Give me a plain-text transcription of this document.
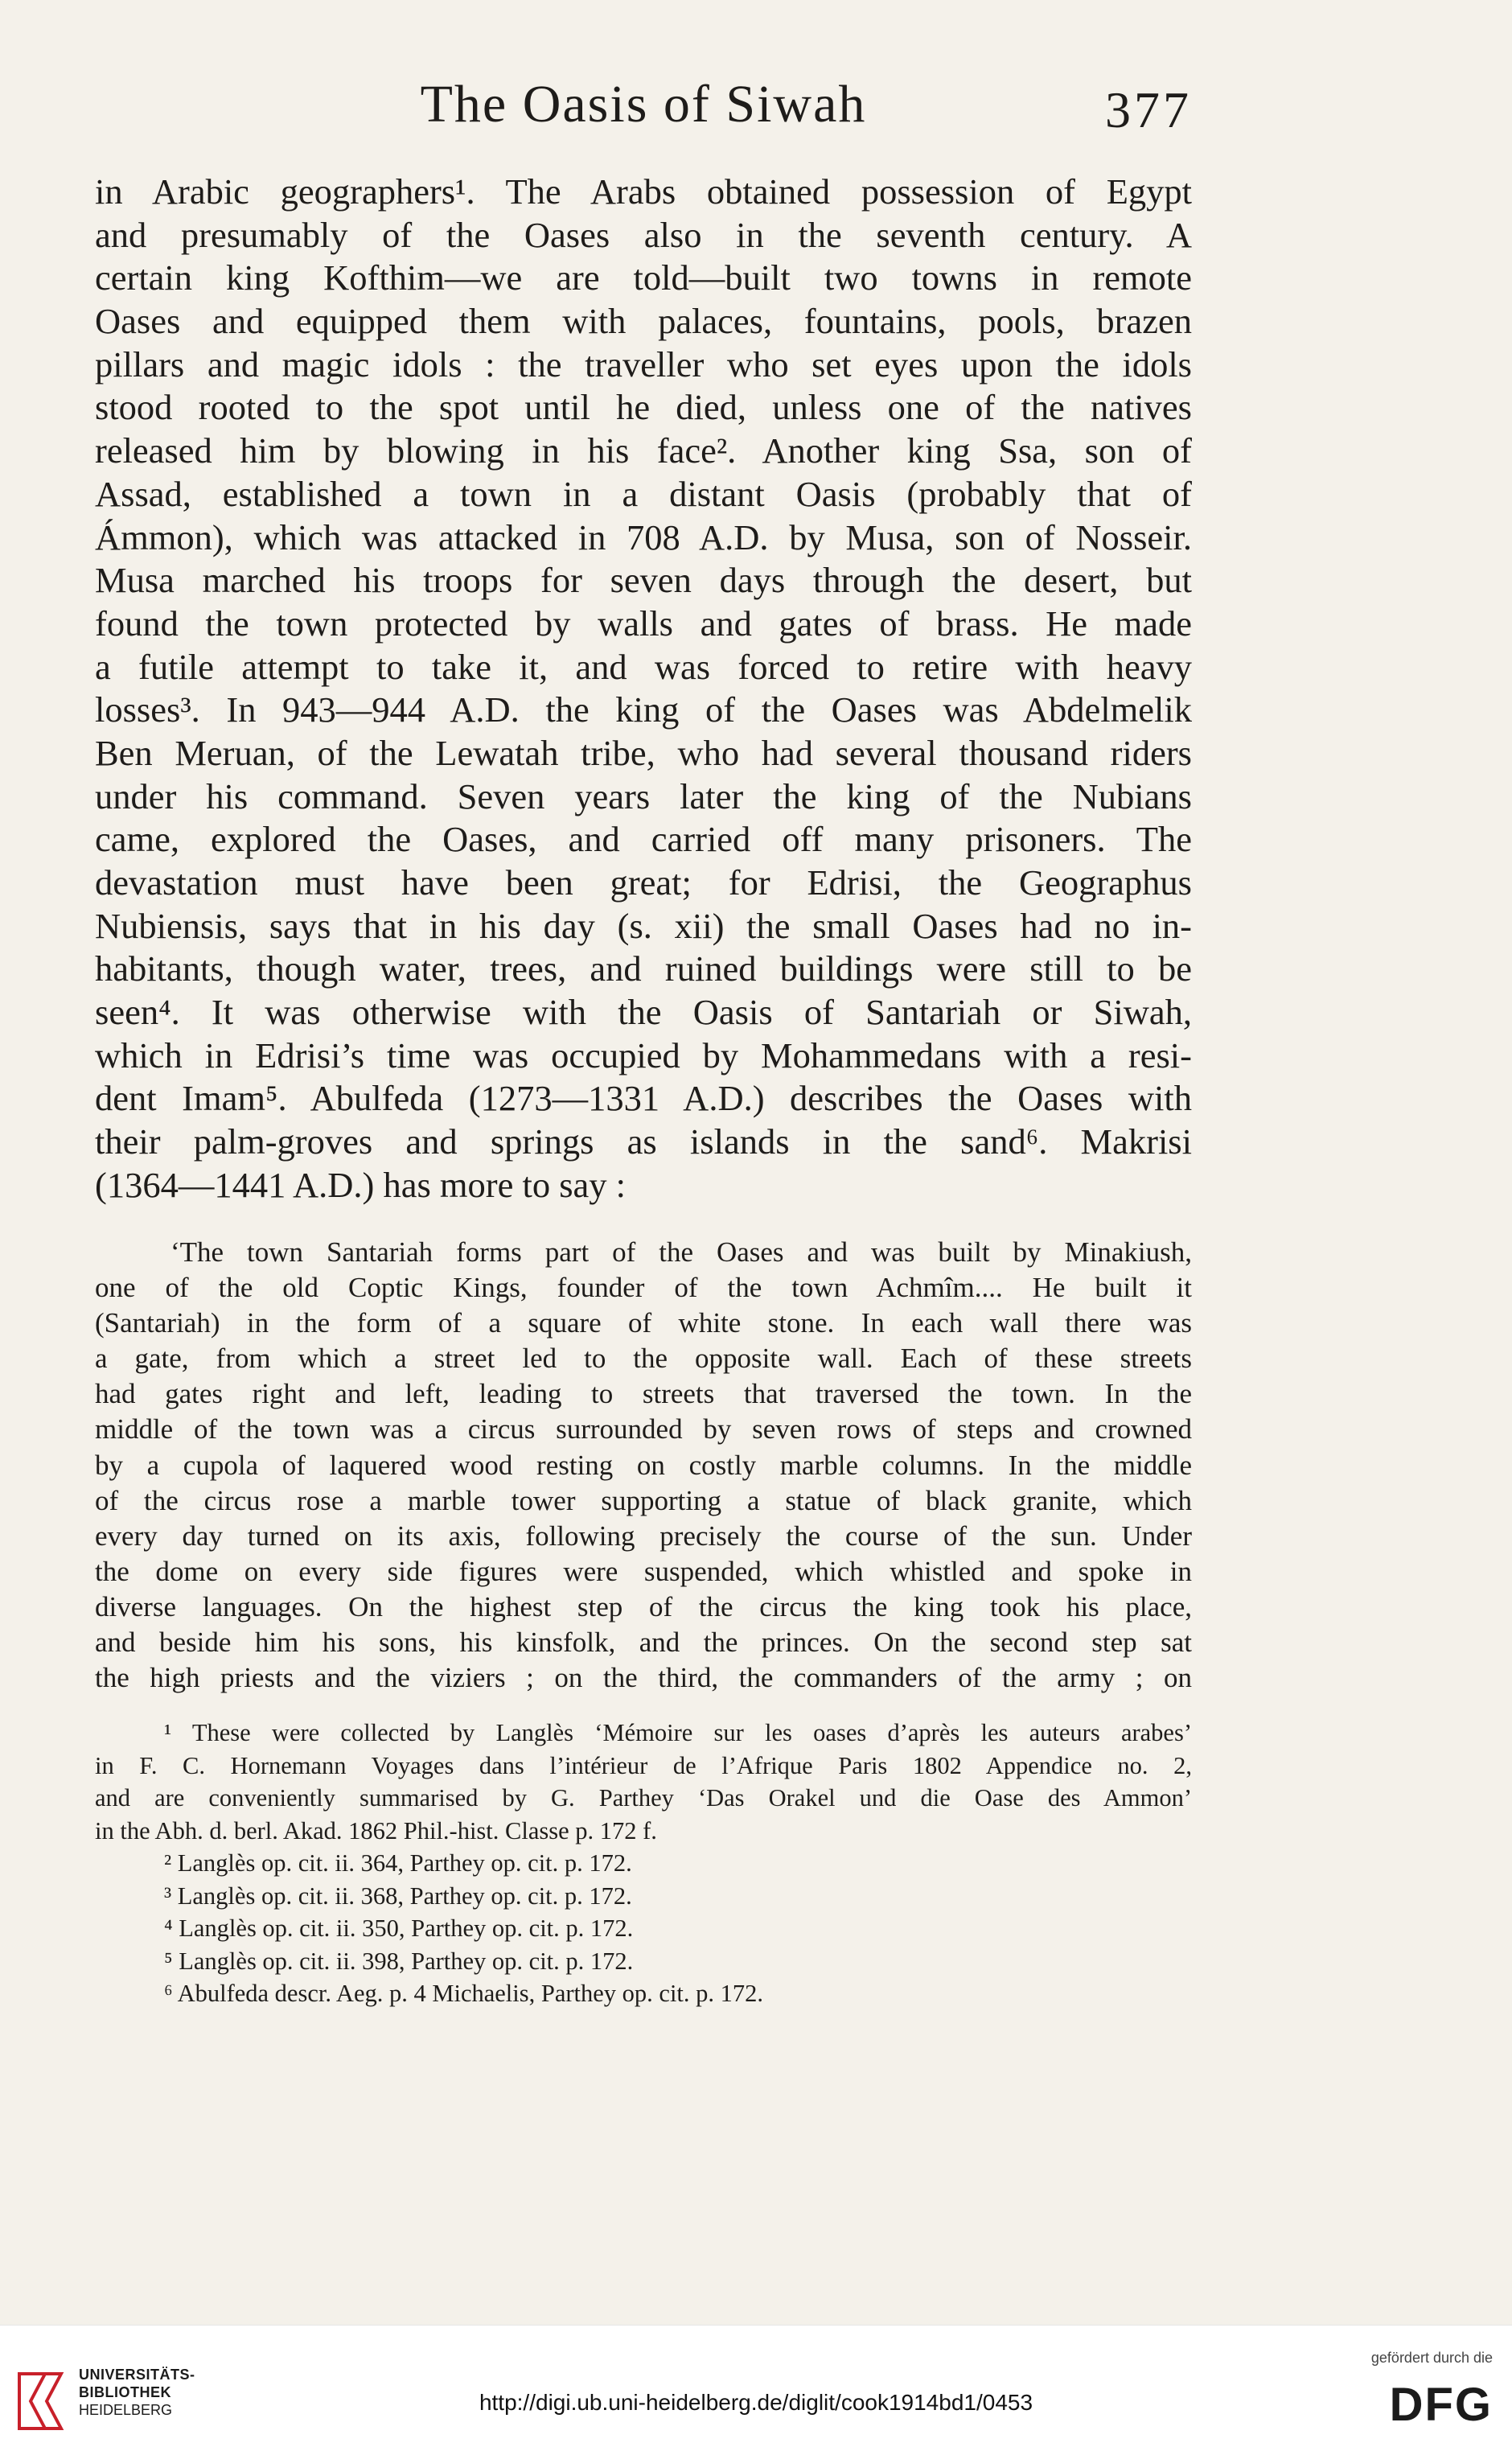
The Oasis of Siwah	377
in Arabic geographers¹. The Arabs obtained possession of Egypt
and presumably of the Oases also in the seventh century. A
certain king Kofthim—we are told—built two towns in remote
Oases and equipped them with palaces, fountains, pools, brazen
pillars and magic idols : the traveller who set eyes upon the idols
stood rooted to the spot until he died, unless one of the natives
released him by blowing in his face². Another king Ssa, son of
Assad, established a town in a distant Oasis (probably that of
Ámmon), which was attacked in 708 A.D. by Musa, son of Nosseir.
Musa marched his troops for seven days through the desert, but
found the town protected by walls and gates of brass. He made
a futile attempt to take it, and was forced to retire with heavy
losses³. In 943—944 A.D. the king of the Oases was Abdelmelik
Ben Meruan, of the Lewatah tribe, who had several thousand riders
under his command. Seven years later the king of the Nubians
came, explored the Oases, and carried off many prisoners. The
devastation must have been great; for Edrisi, the Geographus
Nubiensis, says that in his day (s. xii) the small Oases had no in-
habitants, though water, trees, and ruined buildings were still to be
seen⁴. It was otherwise with the Oasis of Santariah or Siwah,
which in Edrisi’s time was occupied by Mohammedans with a resi-
dent Imam⁵. Abulfeda (1273—1331 A.D.) describes the Oases with
their palm-groves and springs as islands in the sand⁶. Makrisi
(1364—1441 A.D.) has more to say :
‘The town Santariah forms part of the Oases and was built by Minakiush,
one of the old Coptic Kings, founder of the town Achmîm.... He built it
(Santariah) in the form of a square of white stone. In each wall there was
a gate, from which a street led to the opposite wall. Each of these streets
had gates right and left, leading to streets that traversed the town. In the
middle of the town was a circus surrounded by seven rows of steps and crowned
by a cupola of laquered wood resting on costly marble columns. In the middle
of the circus rose a marble tower supporting a statue of black granite, which
every day turned on its axis, following precisely the course of the sun. Under
the dome on every side figures were suspended, which whistled and spoke in
diverse languages. On the highest step of the circus the king took his place,
and beside him his sons, his kinsfolk, and the princes. On the second step sat
the high priests and the viziers ; on the third, the commanders of the army ; on
¹ These were collected by Langlès ‘Mémoire sur les oases d’après les auteurs arabes’
in F. C. Hornemann Voyages dans l’intérieur de l’Afrique Paris 1802 Appendice no. 2,
and are conveniently summarised by G. Parthey ‘Das Orakel und die Oase des Ammon’
in the Abh. d. berl. Akad. 1862 Phil.-hist. Classe p. 172 f.
² Langlès op. cit. ii. 364, Parthey op. cit. p. 172.
³ Langlès op. cit. ii. 368, Parthey op. cit. p. 172.
⁴ Langlès op. cit. ii. 350, Parthey op. cit. p. 172.
⁵ Langlès op. cit. ii. 398, Parthey op. cit. p. 172.
⁶ Abulfeda descr. Aeg. p. 4 Michaelis, Parthey op. cit. p. 172.
UNIVERSITÄTS-
BIBLIOTHEK
HEIDELBERG	http://digi.ub.uni-heidelberg.de/diglit/cook1914bd1/0453
gefördert durch die
DFG
